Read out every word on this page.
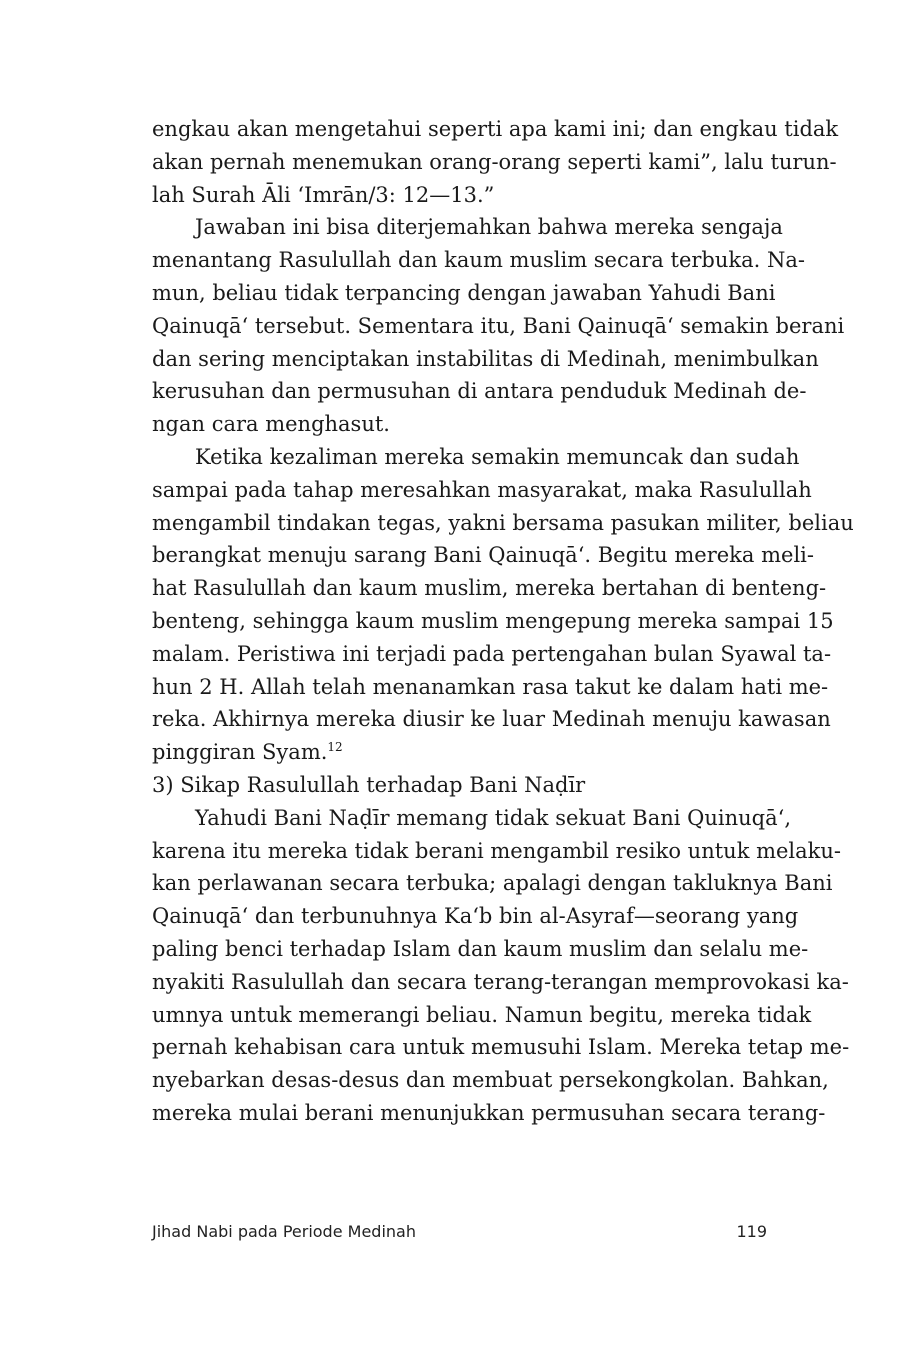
engkau akan mengetahui seperti apa kami ini; dan engkau tidak
akan pernah menemukan orang-orang seperti kami”, lalu turun-
lah Surah Āli ‘Imrān/3: 12—13.”
Jawaban ini bisa diterjemahkan bahwa mereka sengaja
menantang Rasulullah dan kaum muslim secara terbuka. Na-
mun, beliau tidak terpancing dengan jawaban Yahudi Bani
Qainuqā‘ tersebut. Sementara itu, Bani Qainuqā‘ semakin berani
dan sering menciptakan instabilitas di Medinah, menimbulkan
kerusuhan dan permusuhan di antara penduduk Medinah de-
ngan cara menghasut.
Ketika kezaliman mereka semakin memuncak dan sudah
sampai pada tahap meresahkan masyarakat, maka Rasulullah
mengambil tindakan tegas, yakni bersama pasukan militer, beliau
berangkat menuju sarang Bani Qainuqā‘. Begitu mereka meli-
hat Rasulullah dan kaum muslim, mereka bertahan di benteng-
benteng, sehingga kaum muslim mengepung mereka sampai 15
malam. Peristiwa ini terjadi pada pertengahan bulan Syawal ta-
hun 2 H. Allah telah menanamkan rasa takut ke dalam hati me-
reka. Akhirnya mereka diusir ke luar Medinah menuju kawasan
pinggiran Syam.$^{12}$
3) Sikap Rasulullah terhadap Bani Naḍīr
Yahudi Bani Naḍīr memang tidak sekuat Bani Quinuqā‘,
karena itu mereka tidak berani mengambil resiko untuk melaku-
kan perlawanan secara terbuka; apalagi dengan takluknya Bani
Qainuqā‘ dan terbunuhnya Ka‘b bin al-Asyraf—seorang yang
paling benci terhadap Islam dan kaum muslim dan selalu me-
nyakiti Rasulullah dan secara terang-terangan memprovokasi ka-
umnya untuk memerangi beliau. Namun begitu, mereka tidak
pernah kehabisan cara untuk memusuhi Islam. Mereka tetap me-
nyebarkan desas-desus dan membuat persekongkolan. Bahkan,
mereka mulai berani menunjukkan permusuhan secara terang-
Jihad Nabi pada Periode Medinah	119
